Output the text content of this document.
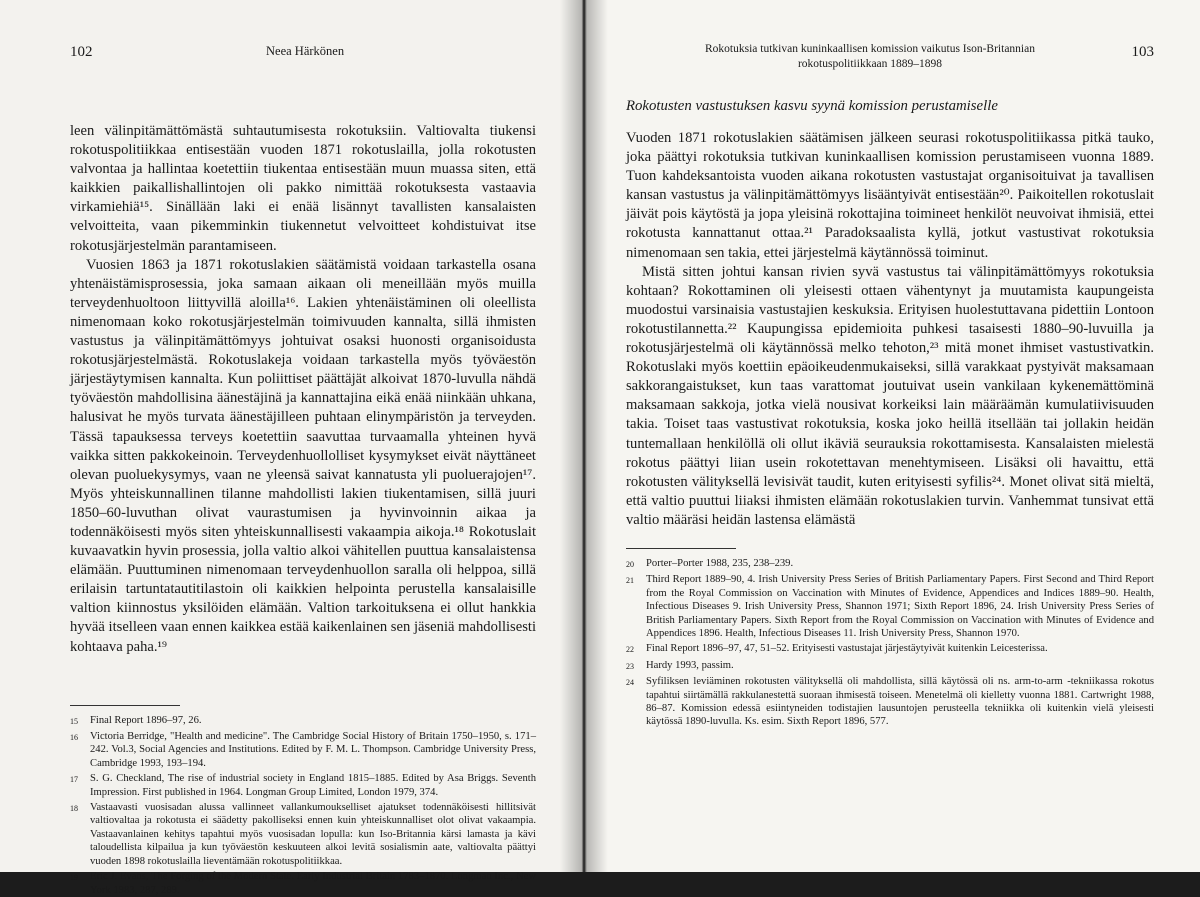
102	Neea Härkönen

leen välinpitämättömästä suhtautumisesta rokotuksiin. Valtiovalta tiukensi rokotuspolitiikkaa entisestään vuoden 1871 rokotuslailla, jolla rokotusten valvontaa ja hallintaa koetettiin tiukentaa entisestään muun muassa siten, että kaikkien paikallishallintojen oli pakko nimittää rokotuksesta vastaavia virkamiehiä¹⁵. Sinällään laki ei enää lisännyt tavallisten kansalaisten velvoitteita, vaan pikemminkin tiukennetut velvoitteet kohdistuivat itse rokotusjärjestelmän parantamiseen.

Vuosien 1863 ja 1871 rokotuslakien säätämistä voidaan tarkastella osana yhtenäistämisprosessia, joka samaan aikaan oli meneillään myös muilla terveydenhuoltoon liittyvillä aloilla¹⁶. Lakien yhtenäistäminen oli oleellista nimenomaan koko rokotusjärjestelmän toimivuuden kannalta, sillä ihmisten vastustus ja välinpitämättömyys johtuivat osaksi huonosti organisoidusta rokotusjärjestelmästä. Rokotuslakeja voidaan tarkastella myös työväestön järjestäytymisen kannalta. Kun poliittiset päättäjät alkoivat 1870-luvulla nähdä työväestön mahdollisina äänestäjinä ja kannattajina eikä enää niinkään uhkana, halusivat he myös turvata äänestäjilleen puhtaan elinympäristön ja terveyden. Tässä tapauksessa terveys koetettiin saavuttaa turvaamalla yhteinen hyvä vaikka sitten pakkokeinoin. Terveydenhuollolliset kysymykset eivät näyttäneet olevan puoluekysymys, vaan ne yleensä saivat kannatusta yli puoluerajojen¹⁷. Myös yhteiskunnallinen tilanne mahdollisti lakien tiukentamisen, sillä juuri 1850–60-luvuthan olivat vaurastumisen ja hyvinvoinnin aikaa ja todennäköisesti myös siten yhteiskunnallisesti vakaampia aikoja.¹⁸ Rokotuslait kuvaavatkin hyvin prosessia, jolla valtio alkoi vähitellen puuttua kansalaistensa elämään. Puuttuminen nimenomaan terveydenhuollon saralla oli helppoa, sillä erilaisin tartuntatautitilastoin oli kaikkien helpointa perustella kansalaisille valtion kiinnostus yksilöiden elämään. Valtion tarkoituksena ei ollut hankkia hyvää itselleen vaan ennen kaikkea estää kaikenlainen sen jäseniä mahdollisesti kohtaava paha.¹⁹

15	Final Report 1896–97, 26.
16	Victoria Berridge, "Health and medicine". The Cambridge Social History of Britain 1750–1950, s. 171–242. Vol.3, Social Agencies and Institutions. Edited by F. M. L. Thompson. Cambridge University Press, Cambridge 1993, 193–194.
17	S. G. Checkland, The rise of industrial society in England 1815–1885. Edited by Asa Briggs. Seventh Impression. First published in 1964. Longman Group Limited, London 1979, 374.
18	Vastaavasti vuosisadan alussa vallinneet vallankumoukselliset ajatukset todennäköisesti hillitsivät valtiovaltaa ja rokotusta ei säädetty pakolliseksi ennen kuin yhteiskunnalliset olot olivat vakaampia. Vastaavanlainen kehitys tapahtui myös vuosisadan lopulla: kun Iso-Britannia kärsi lamasta ja kävi taloudellista kilpailua ja kun työväestön keskuuteen alkoi levitä sosialismin aate, valtiovalta päättyi vuoden 1898 rokotuslailla lieventämään rokotuspolitiikkaa.
19	Eric J. Evans, The Forging of the Modern State. Early Industrial Britain 1783–1870. Longman Inc., New York 1983, 287, 289.
Rokotuksia tutkivan kuninkaallisen komission vaikutus Ison-Britannian
rokotuspolitiikkaan 1889–1898
103
Rokotusten vastustuksen kasvu syynä komission perustamiselle

Vuoden 1871 rokotuslakien säätämisen jälkeen seurasi rokotuspolitiikassa pitkä tauko, joka päättyi rokotuksia tutkivan kuninkaallisen komission perustamiseen vuonna 1889. Tuon kahdeksantoista vuoden aikana rokotusten vastustajat organisoituivat ja tavallisen kansan vastustus ja välinpitämättömyys lisääntyivät entisestään²⁰. Paikoitellen rokotuslait jäivät pois käytöstä ja jopa yleisinä rokottajina toimineet henkilöt neuvoivat ihmisiä, ettei rokotusta kannattanut ottaa.²¹ Paradoksaalista kyllä, jotkut vastustivat rokotuksia nimenomaan sen takia, ettei järjestelmä käytännössä toiminut.

Mistä sitten johtui kansan rivien syvä vastustus tai välinpitämättömyys rokotuksia kohtaan? Rokottaminen oli yleisesti ottaen vähentynyt ja muutamista kaupungeista muodostui varsinaisia vastustajien keskuksia. Erityisen huolestuttavana pidettiin Lontoon rokotustilannetta.²² Kaupungissa epidemioita puhkesi tasaisesti 1880–90-luvuilla ja rokotusjärjestelmä oli käytännössä melko tehoton,²³ mitä monet ihmiset vastustivatkin. Rokotuslaki myös koettiin epäoikeudenmukaiseksi, sillä varakkaat pystyivät maksamaan sakkorangaistukset, kun taas varattomat joutuivat usein vankilaan kykenemättöminä maksamaan sakkoja, jotka vielä nousivat korkeiksi lain määräämän kumulatiivisuuden takia. Toiset taas vastustivat rokotuksia, koska joko heillä itsellään tai jollakin heidän tuntemallaan henkilöllä oli ollut ikäviä seurauksia rokottamisesta. Kansalaisten mielestä rokotus päättyi liian usein rokotettavan menehtymiseen. Lisäksi oli havaittu, että rokotusten välityksellä levisivät taudit, kuten erityisesti syfilis²⁴. Monet olivat sitä mieltä, että valtio puuttui liiaksi ihmisten elämään rokotuslakien turvin. Vanhemmat tunsivat että valtio määräsi heidän lastensa elämästä

20	Porter–Porter 1988, 235, 238–239.
21	Third Report 1889–90, 4. Irish University Press Series of British Parliamentary Papers. First Second and Third Report from the Royal Commission on Vaccination with Minutes of Evidence, Appendices and Indices 1889–90. Health, Infectious Diseases 9. Irish University Press, Shannon 1971; Sixth Report 1896, 24. Irish University Press Series of British Parliamentary Papers. Sixth Report from the Royal Commission on Vaccination with Minutes of Evidence and Appendices 1896. Health, Infectious Diseases 11. Irish University Press, Shannon 1970.
22	Final Report 1896–97, 47, 51–52. Erityisesti vastustajat järjestäytyivät kuitenkin Leicesterissa.
23	Hardy 1993, passim.
24	Syfiliksen leviäminen rokotusten välityksellä oli mahdollista, sillä käytössä oli ns. arm-to-arm -tekniikassa rokotus tapahtui siirtämällä rakkulanestettä suoraan ihmisestä toiseen. Menetelmä oli kielletty vuonna 1881. Cartwright 1988, 86–87. Komission edessä esiintyneiden todistajien lausuntojen perusteella tekniikka oli kuitenkin vielä yleisesti käytössä 1890-luvulla. Ks. esim. Sixth Report 1896, 577.
